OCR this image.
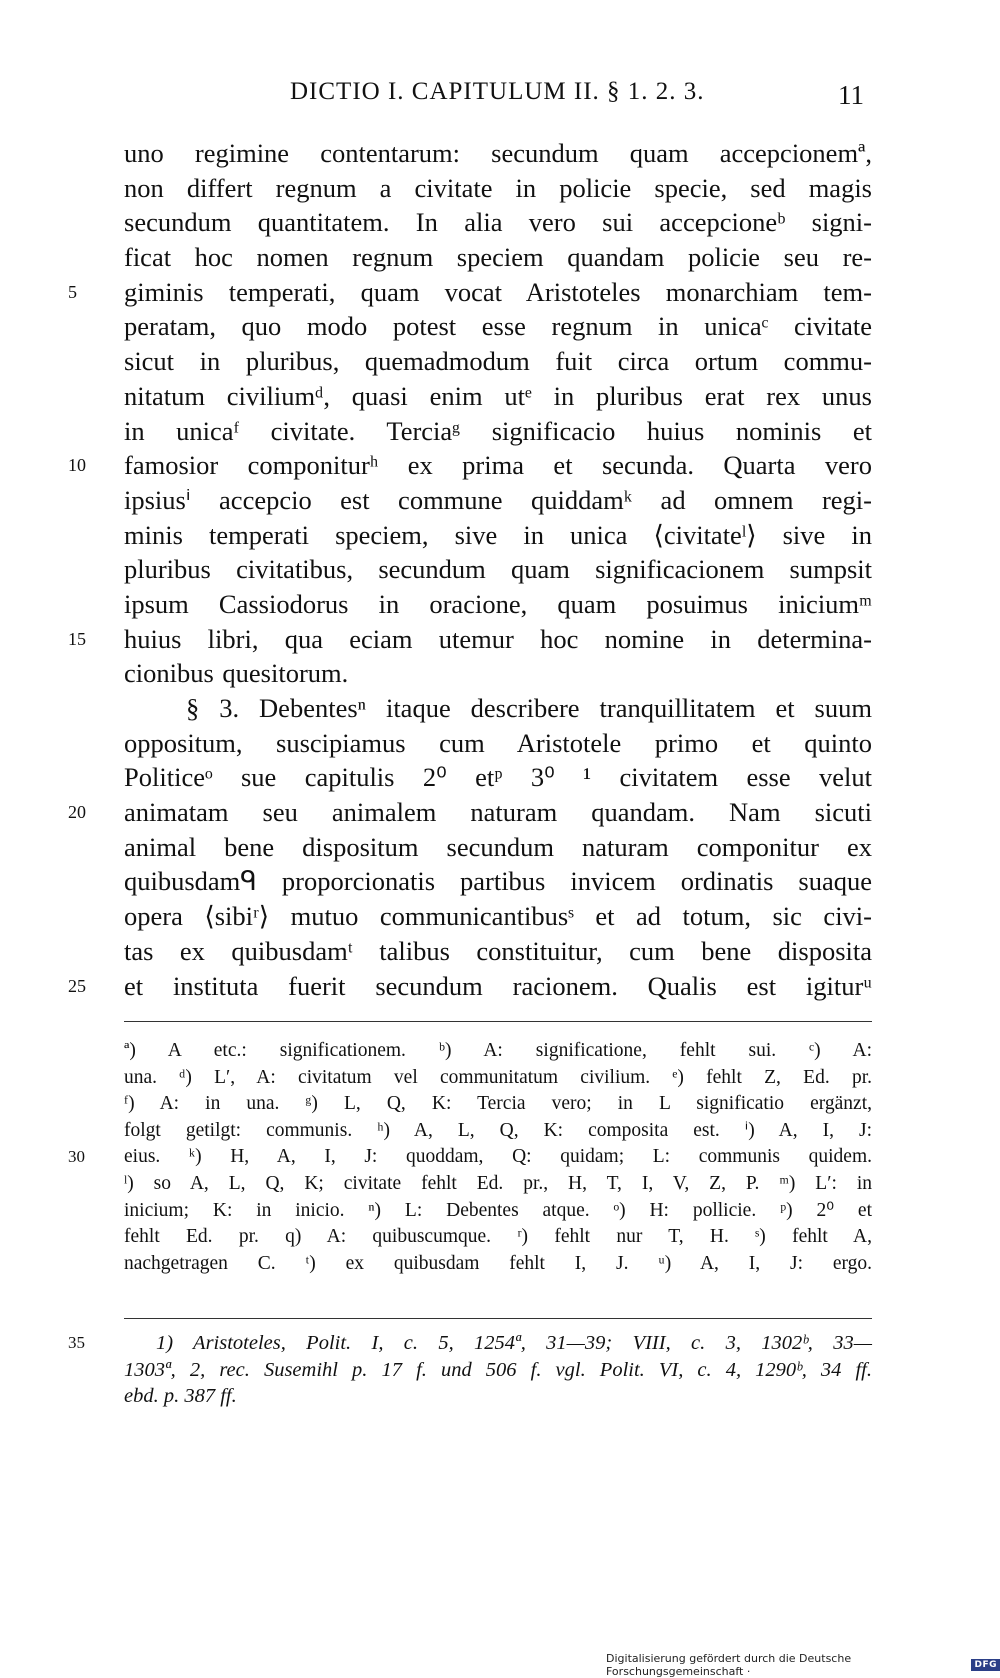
DICTIO I. CAPITULUM II. § 1. 2. 3.	11
uno regimine contentarum: secundum quam accepcionemª,
non differt regnum a civitate in policie specie, sed magis
secundum quantitatem. In alia vero sui accepcioneᵇ signi-
ficat hoc nomen regnum speciem quandam policie seu re-
giminis temperati, quam vocat Aristoteles monarchiam tem-
5
peratam, quo modo potest esse regnum in unicaᶜ civitate
sicut in pluribus, quemadmodum fuit circa ortum commu-
nitatum civiliumᵈ, quasi enim utᵉ in pluribus erat rex unus
in unicaᶠ civitate. Terciaᵍ significacio huius nominis et
famosior componiturʰ ex prima et secunda. Quarta vero
10
ipsiusⁱ accepcio est commune quiddamᵏ ad omnem regi-
minis temperati speciem, sive in unica ⟨civitateˡ⟩ sive in
pluribus civitatibus, secundum quam significacionem sumpsit
ipsum Cassiodorus in oracione, quam posuimus iniciumᵐ
huius libri, qua eciam utemur hoc nomine in determina-
15
cionibus quesitorum.
§ 3. Debentesⁿ itaque describere tranquillitatem et suum
oppositum, suscipiamus cum Aristotele primo et quinto
Politiceᵒ sue capitulis 2⁰ etᵖ 3⁰ ¹ civitatem esse velut
animatam seu animalem naturam quandam. Nam sicuti
20
animal bene dispositum secundum naturam componitur ex
quibusdamᑫ proporcionatis partibus invicem ordinatis suaque
opera ⟨sibiʳ⟩ mutuo communicantibusˢ et ad totum, sic civi-
tas ex quibusdamᵗ talibus constituitur, cum bene disposita
et instituta fuerit secundum racionem. Qualis est igiturᵘ
25
ª) A etc.: significationem. ᵇ) A: significatione, fehlt sui. ᶜ) A:
una. ᵈ) L′, A: civitatum vel communitatum civilium. ᵉ) fehlt Z, Ed. pr.
ᶠ) A: in una. ᵍ) L, Q, K: Tercia vero; in L significatio ergänzt,
folgt getilgt: communis. ʰ) A, L, Q, K: composita est. ⁱ) A, I, J:
eius. ᵏ) H, A, I, J: quoddam, Q: quidam; L: communis quidem.
30
ˡ) so A, L, Q, K; civitate fehlt Ed. pr., H, T, I, V, Z, P. ᵐ) L′: in
inicium; K: in inicio. ⁿ) L: Debentes atque. ᵒ) H: pollicie. ᵖ) 2⁰ et
fehlt Ed. pr. q) A: quibuscumque. ʳ) fehlt nur T, H. ˢ) fehlt A,
nachgetragen C. ᵗ) ex quibusdam fehlt I, J. ᵘ) A, I, J: ergo.
1) Aristoteles, Polit. I, c. 5, 1254ª, 31—39; VIII, c. 3, 1302ᵇ, 33—
35
1303ª, 2, rec. Susemihl p. 17 f. und 506 f. vgl. Polit. VI, c. 4, 1290ᵇ, 34 ff.
ebd. p. 387 ff.
Digitalisierung gefördert durch die Deutsche Forschungsgemeinschaft ·	DFG
